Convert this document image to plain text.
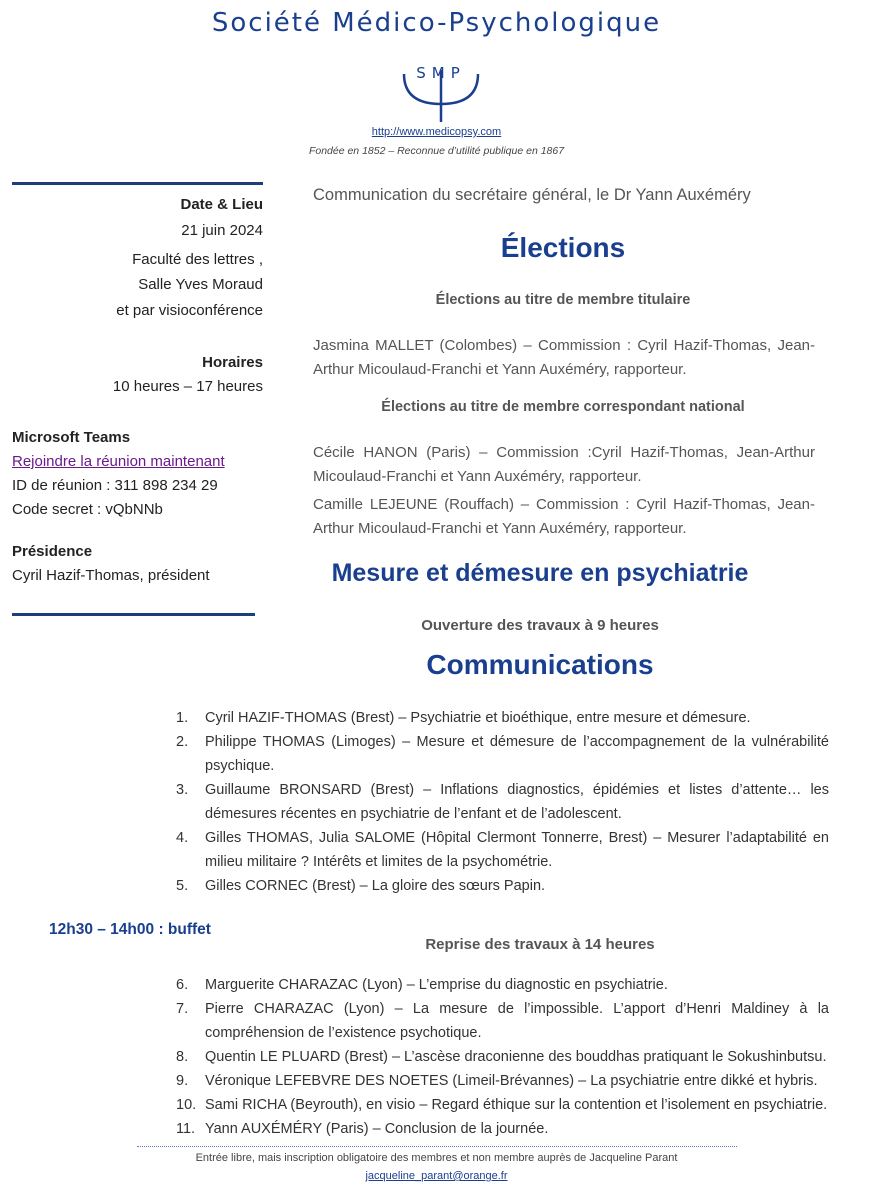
Société Médico-Psychologique
SMP
http://www.medicopsy.com
Fondée en 1852 – Reconnue d’utilité publique en 1867
Date & Lieu
21 juin 2024
Faculté des lettres ,
Salle Yves Moraud
et par visioconférence
Horaires
10 heures – 17 heures
Microsoft Teams
Rejoindre la réunion maintenant
ID de réunion : 311 898 234 29
Code secret : vQbNNb
Présidence
Cyril Hazif-Thomas, président
Communication du secrétaire général, le Dr Yann Auxéméry
Élections
Élections au titre de membre titulaire
Jasmina MALLET (Colombes) – Commission : Cyril Hazif-Thomas, Jean-Arthur Micoulaud-Franchi et Yann Auxéméry, rapporteur.
Élections au titre de membre correspondant national
Cécile HANON (Paris) – Commission :Cyril Hazif-Thomas, Jean-Arthur Micoulaud-Franchi et Yann Auxéméry, rapporteur.
Camille LEJEUNE (Rouffach) – Commission : Cyril Hazif-Thomas, Jean-Arthur Micoulaud-Franchi et Yann Auxéméry, rapporteur.
Mesure et démesure en psychiatrie
Ouverture des travaux à 9 heures
Communications
1.	Cyril HAZIF-THOMAS (Brest) – Psychiatrie et bioéthique, entre mesure et démesure.
2.	Philippe THOMAS (Limoges) – Mesure et démesure de l’accompagnement de la vulnérabilité psychique.
3.	Guillaume BRONSARD (Brest) – Inflations diagnostics, épidémies et listes d’attente… les démesures récentes en psychiatrie de l’enfant et de l’adolescent.
4.	Gilles THOMAS, Julia SALOME (Hôpital Clermont Tonnerre, Brest) – Mesurer l’adaptabilité en milieu militaire ? Intérêts et limites de la psychométrie.
5.	Gilles CORNEC (Brest) – La gloire des sœurs Papin.
12h30 – 14h00 : buffet
Reprise des travaux à 14 heures
6.	Marguerite CHARAZAC (Lyon) – L’emprise du diagnostic en psychiatrie.
7.	Pierre CHARAZAC (Lyon) – La mesure de l’impossible. L’apport d’Henri Maldiney à la compréhension de l’existence psychotique.
8.	Quentin LE PLUARD (Brest) – L’ascèse draconienne des bouddhas pratiquant le Sokushinbutsu.
9.	Véronique LEFEBVRE DES NOETES (Limeil-Brévannes) – La psychiatrie entre dikké et hybris.
10. Sami RICHA (Beyrouth), en visio – Regard éthique sur la contention et l’isolement en psychiatrie.
11. Yann AUXÉMÉRY (Paris) – Conclusion de la journée.
Entrée libre, mais inscription obligatoire des membres et non membre auprès de Jacqueline Parant
jacqueline_parant@orange.fr
